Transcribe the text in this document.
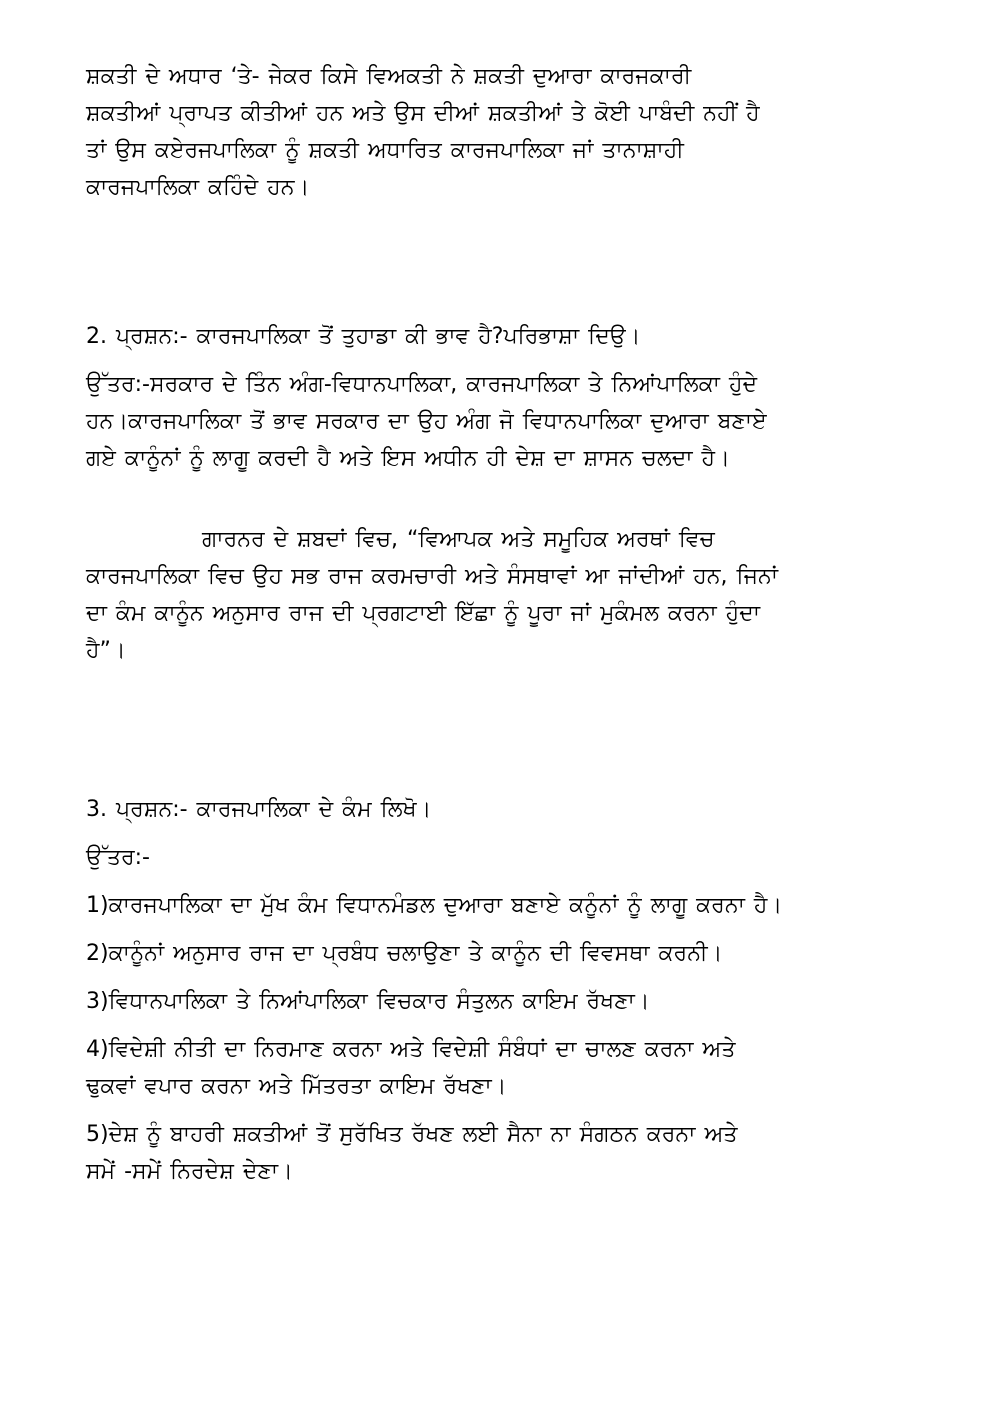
ਸ਼ਕਤੀ ਦੇ ਅਧਾਰ ‘ਤੇ- ਜੇਕਰ ਕਿਸੇ ਵਿਅਕਤੀ ਨੇ ਸ਼ਕਤੀ ਦੁਆਰਾ ਕਾਰਜਕਾਰੀ
ਸ਼ਕਤੀਆਂ ਪ੍ਰਾਪਤ ਕੀਤੀਆਂ ਹਨ ਅਤੇ ਉਸ ਦੀਆਂ ਸ਼ਕਤੀਆਂ ਤੇ ਕੋਈ ਪਾਬੰਦੀ ਨਹੀਂ ਹੈ
ਤਾਂ ਉਸ ਕਏਰਜਪਾਲਿਕਾ ਨੂੰ ਸ਼ਕਤੀ ਅਧਾਰਿਤ ਕਾਰਜਪਾਲਿਕਾ ਜਾਂ ਤਾਨਾਸ਼ਾਹੀ
ਕਾਰਜਪਾਲਿਕਾ ਕਹਿੰਦੇ ਹਨ।

2. ਪ੍ਰਸ਼ਨ:- ਕਾਰਜਪਾਲਿਕਾ ਤੋਂ ਤੁਹਾਡਾ ਕੀ ਭਾਵ ਹੈ?ਪਰਿਭਾਸ਼ਾ ਦਿਉ।

ਉੱਤਰ:-ਸਰਕਾਰ ਦੇ ਤਿੰਨ ਅੰਗ-ਵਿਧਾਨਪਾਲਿਕਾ, ਕਾਰਜਪਾਲਿਕਾ ਤੇ ਨਿਆਂਪਾਲਿਕਾ ਹੁੰਦੇ
ਹਨ।ਕਾਰਜਪਾਲਿਕਾ ਤੋਂ ਭਾਵ ਸਰਕਾਰ ਦਾ ਉਹ ਅੰਗ ਜੋ ਵਿਧਾਨਪਾਲਿਕਾ ਦੁਆਰਾ ਬਣਾਏ
ਗਏ ਕਾਨੂੰਨਾਂ ਨੂੰ ਲਾਗੂ ਕਰਦੀ ਹੈ ਅਤੇ ਇਸ ਅਧੀਨ ਹੀ ਦੇਸ਼ ਦਾ ਸ਼ਾਸਨ ਚਲਦਾ ਹੈ।

ਗਾਰਨਰ ਦੇ ਸ਼ਬਦਾਂ ਵਿਚ, “ਵਿਆਪਕ ਅਤੇ ਸਮੂਹਿਕ ਅਰਥਾਂ ਵਿਚ
ਕਾਰਜਪਾਲਿਕਾ ਵਿਚ ਉਹ ਸਭ ਰਾਜ ਕਰਮਚਾਰੀ ਅਤੇ ਸੰਸਥਾਵਾਂ ਆ ਜਾਂਦੀਆਂ ਹਨ, ਜਿਨਾਂ
ਦਾ ਕੰਮ ਕਾਨੂੰਨ ਅਨੁਸਾਰ ਰਾਜ ਦੀ ਪ੍ਰਗਟਾਈ ਇੱਛਾ ਨੂੰ ਪੂਰਾ ਜਾਂ ਮੁਕੰਮਲ ਕਰਨਾ ਹੁੰਦਾ
ਹੈ”।

3. ਪ੍ਰਸ਼ਨ:- ਕਾਰਜਪਾਲਿਕਾ ਦੇ ਕੰਮ ਲਿਖੋ।

ਉੱਤਰ:-

1)ਕਾਰਜਪਾਲਿਕਾ ਦਾ ਮੁੱਖ ਕੰਮ ਵਿਧਾਨਮੰਡਲ ਦੁਆਰਾ ਬਣਾਏ ਕਨੂੰਨਾਂ ਨੂੰ ਲਾਗੂ ਕਰਨਾ ਹੈ।

2)ਕਾਨੂੰਨਾਂ ਅਨੁਸਾਰ ਰਾਜ ਦਾ ਪ੍ਰਬੰਧ ਚਲਾਉਣਾ ਤੇ ਕਾਨੂੰਨ ਦੀ ਵਿਵਸਥਾ ਕਰਨੀ।

3)ਵਿਧਾਨਪਾਲਿਕਾ ਤੇ ਨਿਆਂਪਾਲਿਕਾ ਵਿਚਕਾਰ ਸੰਤੁਲਨ ਕਾਇਮ ਰੱਖਣਾ।

4)ਵਿਦੇਸ਼ੀ ਨੀਤੀ ਦਾ ਨਿਰਮਾਣ ਕਰਨਾ ਅਤੇ ਵਿਦੇਸ਼ੀ ਸੰਬੰਧਾਂ ਦਾ ਚਾਲਣ ਕਰਨਾ ਅਤੇ
ਢੁਕਵਾਂ ਵਪਾਰ ਕਰਨਾ ਅਤੇ ਮਿੱਤਰਤਾ ਕਾਇਮ ਰੱਖਣਾ।

5)ਦੇਸ਼ ਨੂੰ ਬਾਹਰੀ ਸ਼ਕਤੀਆਂ ਤੋਂ ਸੁਰੱਖਿਤ ਰੱਖਣ ਲਈ ਸੈਨਾ ਨਾ ਸੰਗਠਨ ਕਰਨਾ ਅਤੇ
ਸਮੇਂ -ਸਮੇਂ ਨਿਰਦੇਸ਼ ਦੇਣਾ।
